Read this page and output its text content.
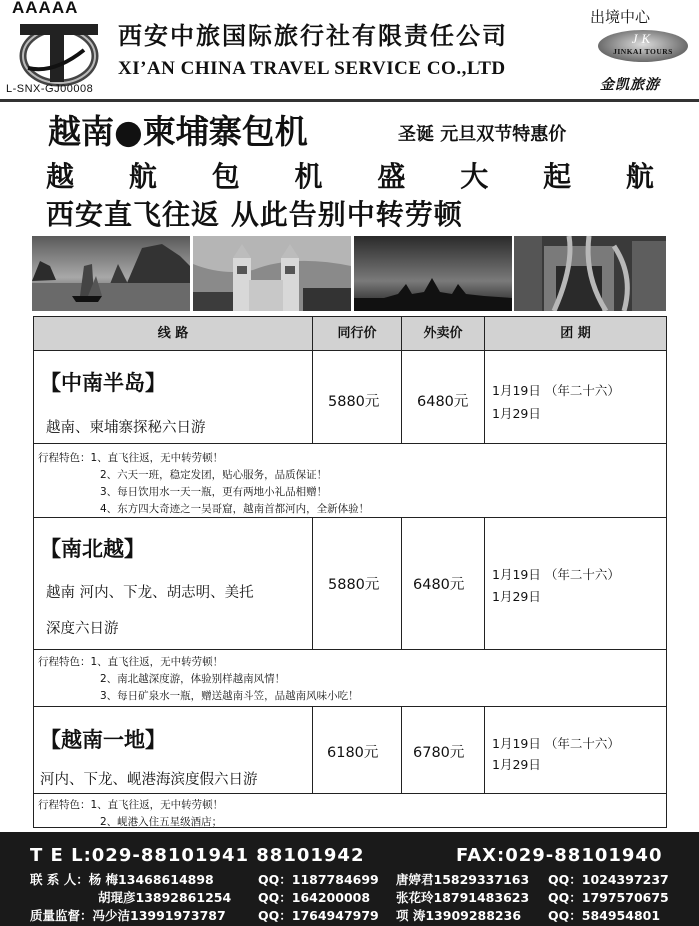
AAAAA
L-SNX-GJ00008
西安中旅国际旅行社有限责任公司
XI’AN CHINA TRAVEL SERVICE CO.,LTD
出境中心
JK
JINKAI TOURS
金凯旅游
越南●柬埔寨包机	圣诞 元旦双节特惠价
越 航 包 机 盛 大 起 航
西安直飞往返 从此告别中转劳顿
线 路	同行价	外卖价	团 期
【中南半岛】
越南、柬埔寨探秘六日游
5880元	6480元
1月19日 （年二十六）
1月29日
行程特色：1、直飞往返，无中转劳顿！
2、六天一班，稳定发团，贴心服务，品质保证！
3、每日饮用水一天一瓶，更有两地小礼品相赠！
4、东方四大奇迹之一吴哥窟，越南首都河内，全新体验！
【南北越】
越南 河内、下龙、胡志明、美托
深度六日游
5880元 6480元
1月19日 （年二十六）
1月29日
行程特色：1、直飞往返，无中转劳顿！
2、南北越深度游，体验别样越南风情！
3、每日矿泉水一瓶，赠送越南斗笠，品越南风味小吃！
【越南一地】
河内、下龙、岘港海滨度假六日游
6180元 6780元
1月19日 （年二十六）
1月29日
行程特色：1、直飞往返，无中转劳顿！
2、岘港入住五星级酒店；
T E L:029-88101941 88101942	FAX:029-88101940
联 系 人：杨 梅13468614898	QQ：1187784699 唐婷君15829337163 QQ：1024397237
胡琨彦13892861254 QQ：164200008 张花玲18791483623 QQ：1797570675
质量监督：冯少洁13991973787	QQ：1764947979 项 涛13909288236 QQ：584954801
